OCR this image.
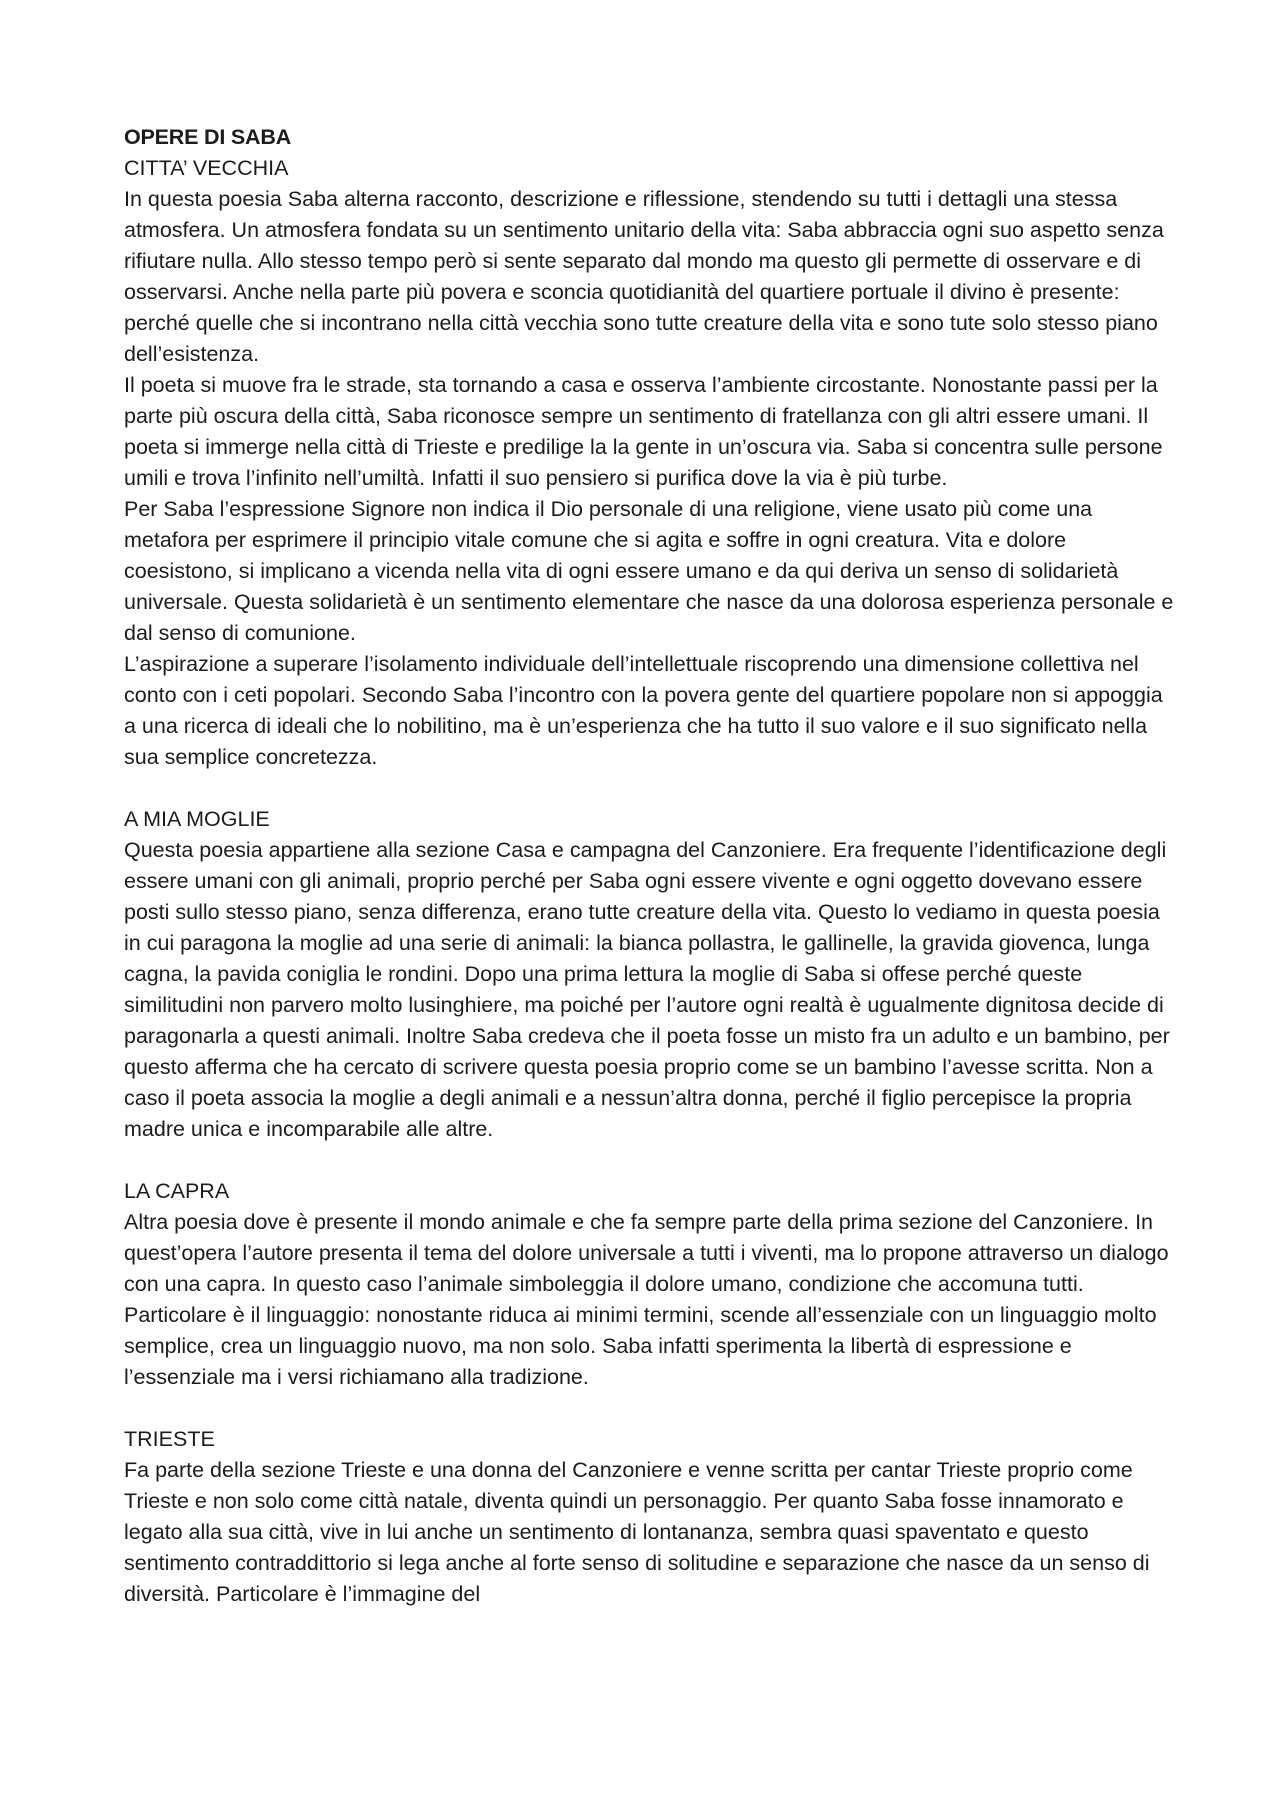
OPERE DI SABA

CITTA’ VECCHIA

In questa poesia Saba alterna racconto, descrizione e riflessione, stendendo su tutti i dettagli una stessa atmosfera. Un atmosfera fondata su un sentimento unitario della vita: Saba abbraccia ogni suo aspetto senza rifiutare nulla. Allo stesso tempo però si sente separato dal mondo ma questo gli permette di osservare e di osservarsi. Anche nella parte più povera e sconcia quotidianità del quartiere portuale il divino è presente: perché quelle che si incontrano nella città vecchia sono tutte creature della vita e sono tute solo stesso piano dell’esistenza.

Il poeta si muove fra le strade, sta tornando a casa e osserva l’ambiente circostante. Nonostante passi per la parte più oscura della città, Saba riconosce sempre un sentimento di fratellanza con gli altri essere umani. Il poeta si immerge nella città di Trieste e predilige la la gente in un’oscura via. Saba si concentra sulle persone umili e trova l’infinito nell’umiltà. Infatti il suo pensiero si purifica dove la via è più turbe.

Per Saba l’espressione Signore non indica il Dio personale di una religione, viene usato più come una metafora per esprimere il principio vitale comune che si agita e soffre in ogni creatura. Vita e dolore coesistono, si implicano a vicenda nella vita di ogni essere umano e da qui deriva un senso di solidarietà universale. Questa solidarietà è un sentimento elementare che nasce da una dolorosa esperienza personale e dal senso di comunione.

L’aspirazione a superare l’isolamento individuale dell’intellettuale riscoprendo una dimensione collettiva nel conto con i ceti popolari. Secondo Saba l’incontro con la povera gente del quartiere popolare non si appoggia a una ricerca di ideali che lo nobilitino, ma è un’esperienza che ha tutto il suo valore e il suo significato nella sua semplice concretezza.

A MIA MOGLIE

Questa poesia appartiene alla sezione Casa e campagna del Canzoniere. Era frequente l’identificazione degli essere umani con gli animali, proprio perché per Saba ogni essere vivente e ogni oggetto dovevano essere posti sullo stesso piano, senza differenza, erano tutte creature della vita. Questo lo vediamo in questa poesia in cui paragona la moglie ad una serie di animali: la bianca pollastra, le gallinelle, la gravida giovenca, lunga cagna, la pavida coniglia le rondini. Dopo una prima lettura la moglie di Saba si offese perché queste similitudini non parvero molto lusinghiere, ma poiché per l’autore ogni realtà è ugualmente dignitosa decide di paragonarla a questi animali. Inoltre Saba credeva che il poeta fosse un misto fra un adulto e un bambino, per questo afferma che ha cercato di scrivere questa poesia proprio come se un bambino l’avesse scritta. Non a caso il poeta associa la moglie a degli animali e a nessun’altra donna, perché il figlio percepisce la propria madre unica e incomparabile alle altre.

LA CAPRA

Altra poesia dove è presente il mondo animale e che fa sempre parte della prima sezione del Canzoniere. In quest’opera l’autore presenta il tema del dolore universale a tutti i viventi, ma lo propone attraverso un dialogo con una capra. In questo caso l’animale simboleggia il dolore umano, condizione che accomuna tutti. Particolare è il linguaggio: nonostante riduca ai minimi termini, scende all’essenziale con un linguaggio molto semplice, crea un linguaggio nuovo, ma non solo. Saba infatti sperimenta la libertà di espressione e l’essenziale ma i versi richiamano alla tradizione.

TRIESTE

Fa parte della sezione Trieste e una donna del Canzoniere e venne scritta per cantar Trieste proprio come Trieste e non solo come città natale, diventa quindi un personaggio. Per quanto Saba fosse innamorato e legato alla sua città, vive in lui anche un sentimento di lontananza, sembra quasi spaventato e questo sentimento contraddittorio si lega anche al forte senso di solitudine e separazione che nasce da un senso di diversità. Particolare è l’immagine del
